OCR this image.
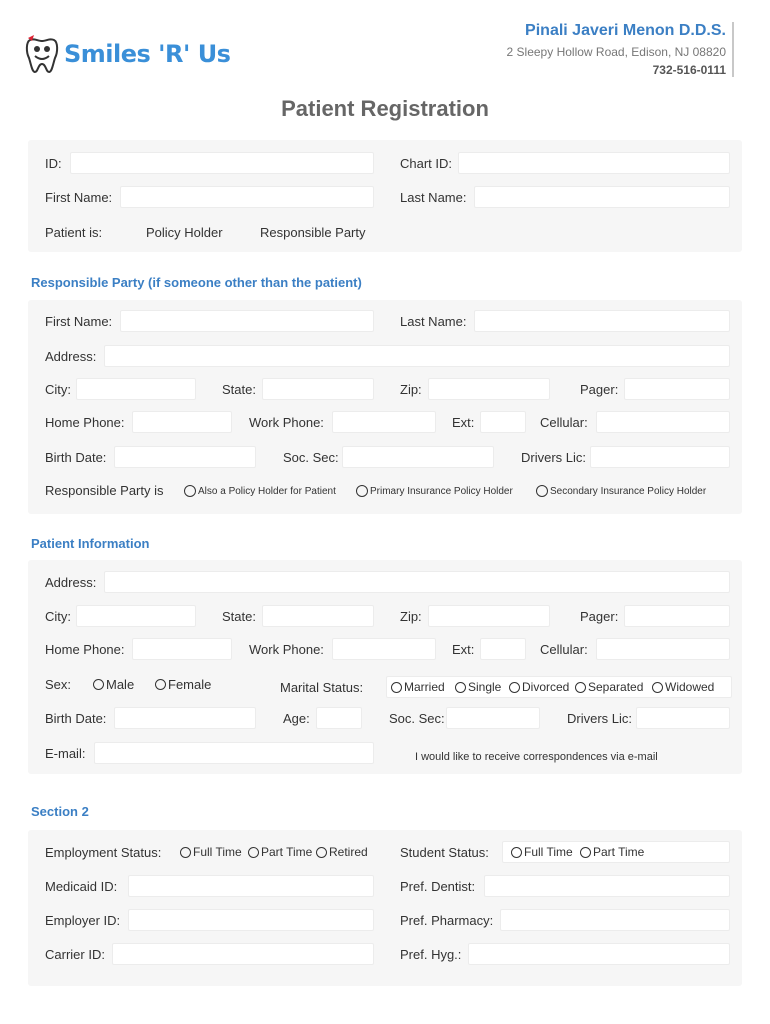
Smiles 'R' Us
Pinali Javeri Menon D.D.S.
2 Sleepy Hollow Road, Edison, NJ 08820
732-516-0111
Patient Registration
ID:	Chart ID:
First Name:	Last Name:
Patient is:	Policy Holder	Responsible Party
Responsible Party (if someone other than the patient)
First Name:	Last Name:
Address:
City:	State:	Zip:	Pager:
Home Phone:	Work Phone:	Ext:	Cellular:
Birth Date:	Soc. Sec:	Drivers Lic:
Responsible Party is	Also a Policy Holder for Patient	Primary Insurance Policy Holder	Secondary Insurance Policy Holder
Patient Information
Address:
City:	State:	Zip:	Pager:
Home Phone:	Work Phone:	Ext:	Cellular:
Sex:	Male	Female	Marital Status:	Married Single Divorced Separated Widowed
Birth Date:	Age:	Soc. Sec:	Drivers Lic:
E-mail:	I would like to receive correspondences via e-mail
Section 2
Employment Status:	Full Time Part Time Retired Student Status:	Full Time Part Time
Medicaid ID:	Pref. Dentist:
Employer ID:	Pref. Pharmacy:
Carrier ID:	Pref. Hyg.:
